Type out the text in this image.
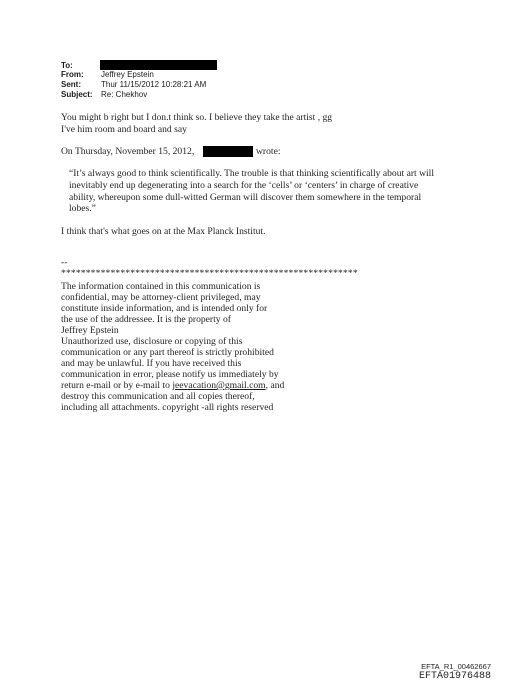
To:
From: Jeffrey Epstein
Sent:	Thur 11/15/2012 10:28:21 AM
Subject: Re: Chekhov
You might b right but I don.t think so. I believe they take the artist , gg
I've him room and board and say
On Thursday, November 15, 2012,	wrote:
“It’s always good to think scientifically. The trouble is that thinking scientifically about art will
inevitably end up degenerating into a search for the ‘cells’ or ‘centers’ in charge of creative
ability, whereupon some dull-witted German will discover them somewhere in the temporal
lobes.”
I think that's what goes on at the Max Planck Institut.
--
************************************************************
The information contained in this communication is
confidential, may be attorney-client privileged, may
constitute inside information, and is intended only for
the use of the addressee. It is the property of
Jeffrey Epstein
Unauthorized use, disclosure or copying of this
communication or any part thereof is strictly prohibited
and may be unlawful. If you have received this
communication in error, please notify us immediately by
return e-mail or by e-mail to jeevacation@gmail.com, and
destroy this communication and all copies thereof,
including all attachments. copyright -all rights reserved
EFTA_R1_00462667
EFTA01976488
